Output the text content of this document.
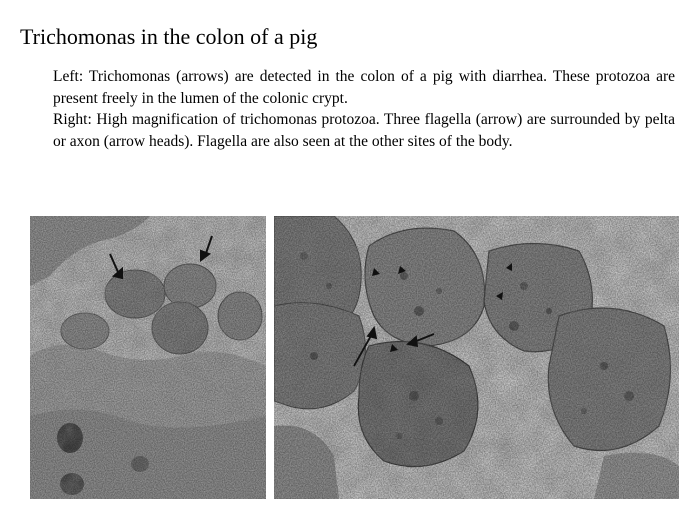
Trichomonas in the colon of a pig

Left: Trichomonas (arrows) are detected in the colon of a pig with diarrhea. These protozoa are present freely in the lumen of the colonic crypt.

Right: High magnification of trichomonas protozoa. Three flagella (arrow) are surrounded by pelta or axon (arrow heads). Flagella are also seen at the other sites of the body.
